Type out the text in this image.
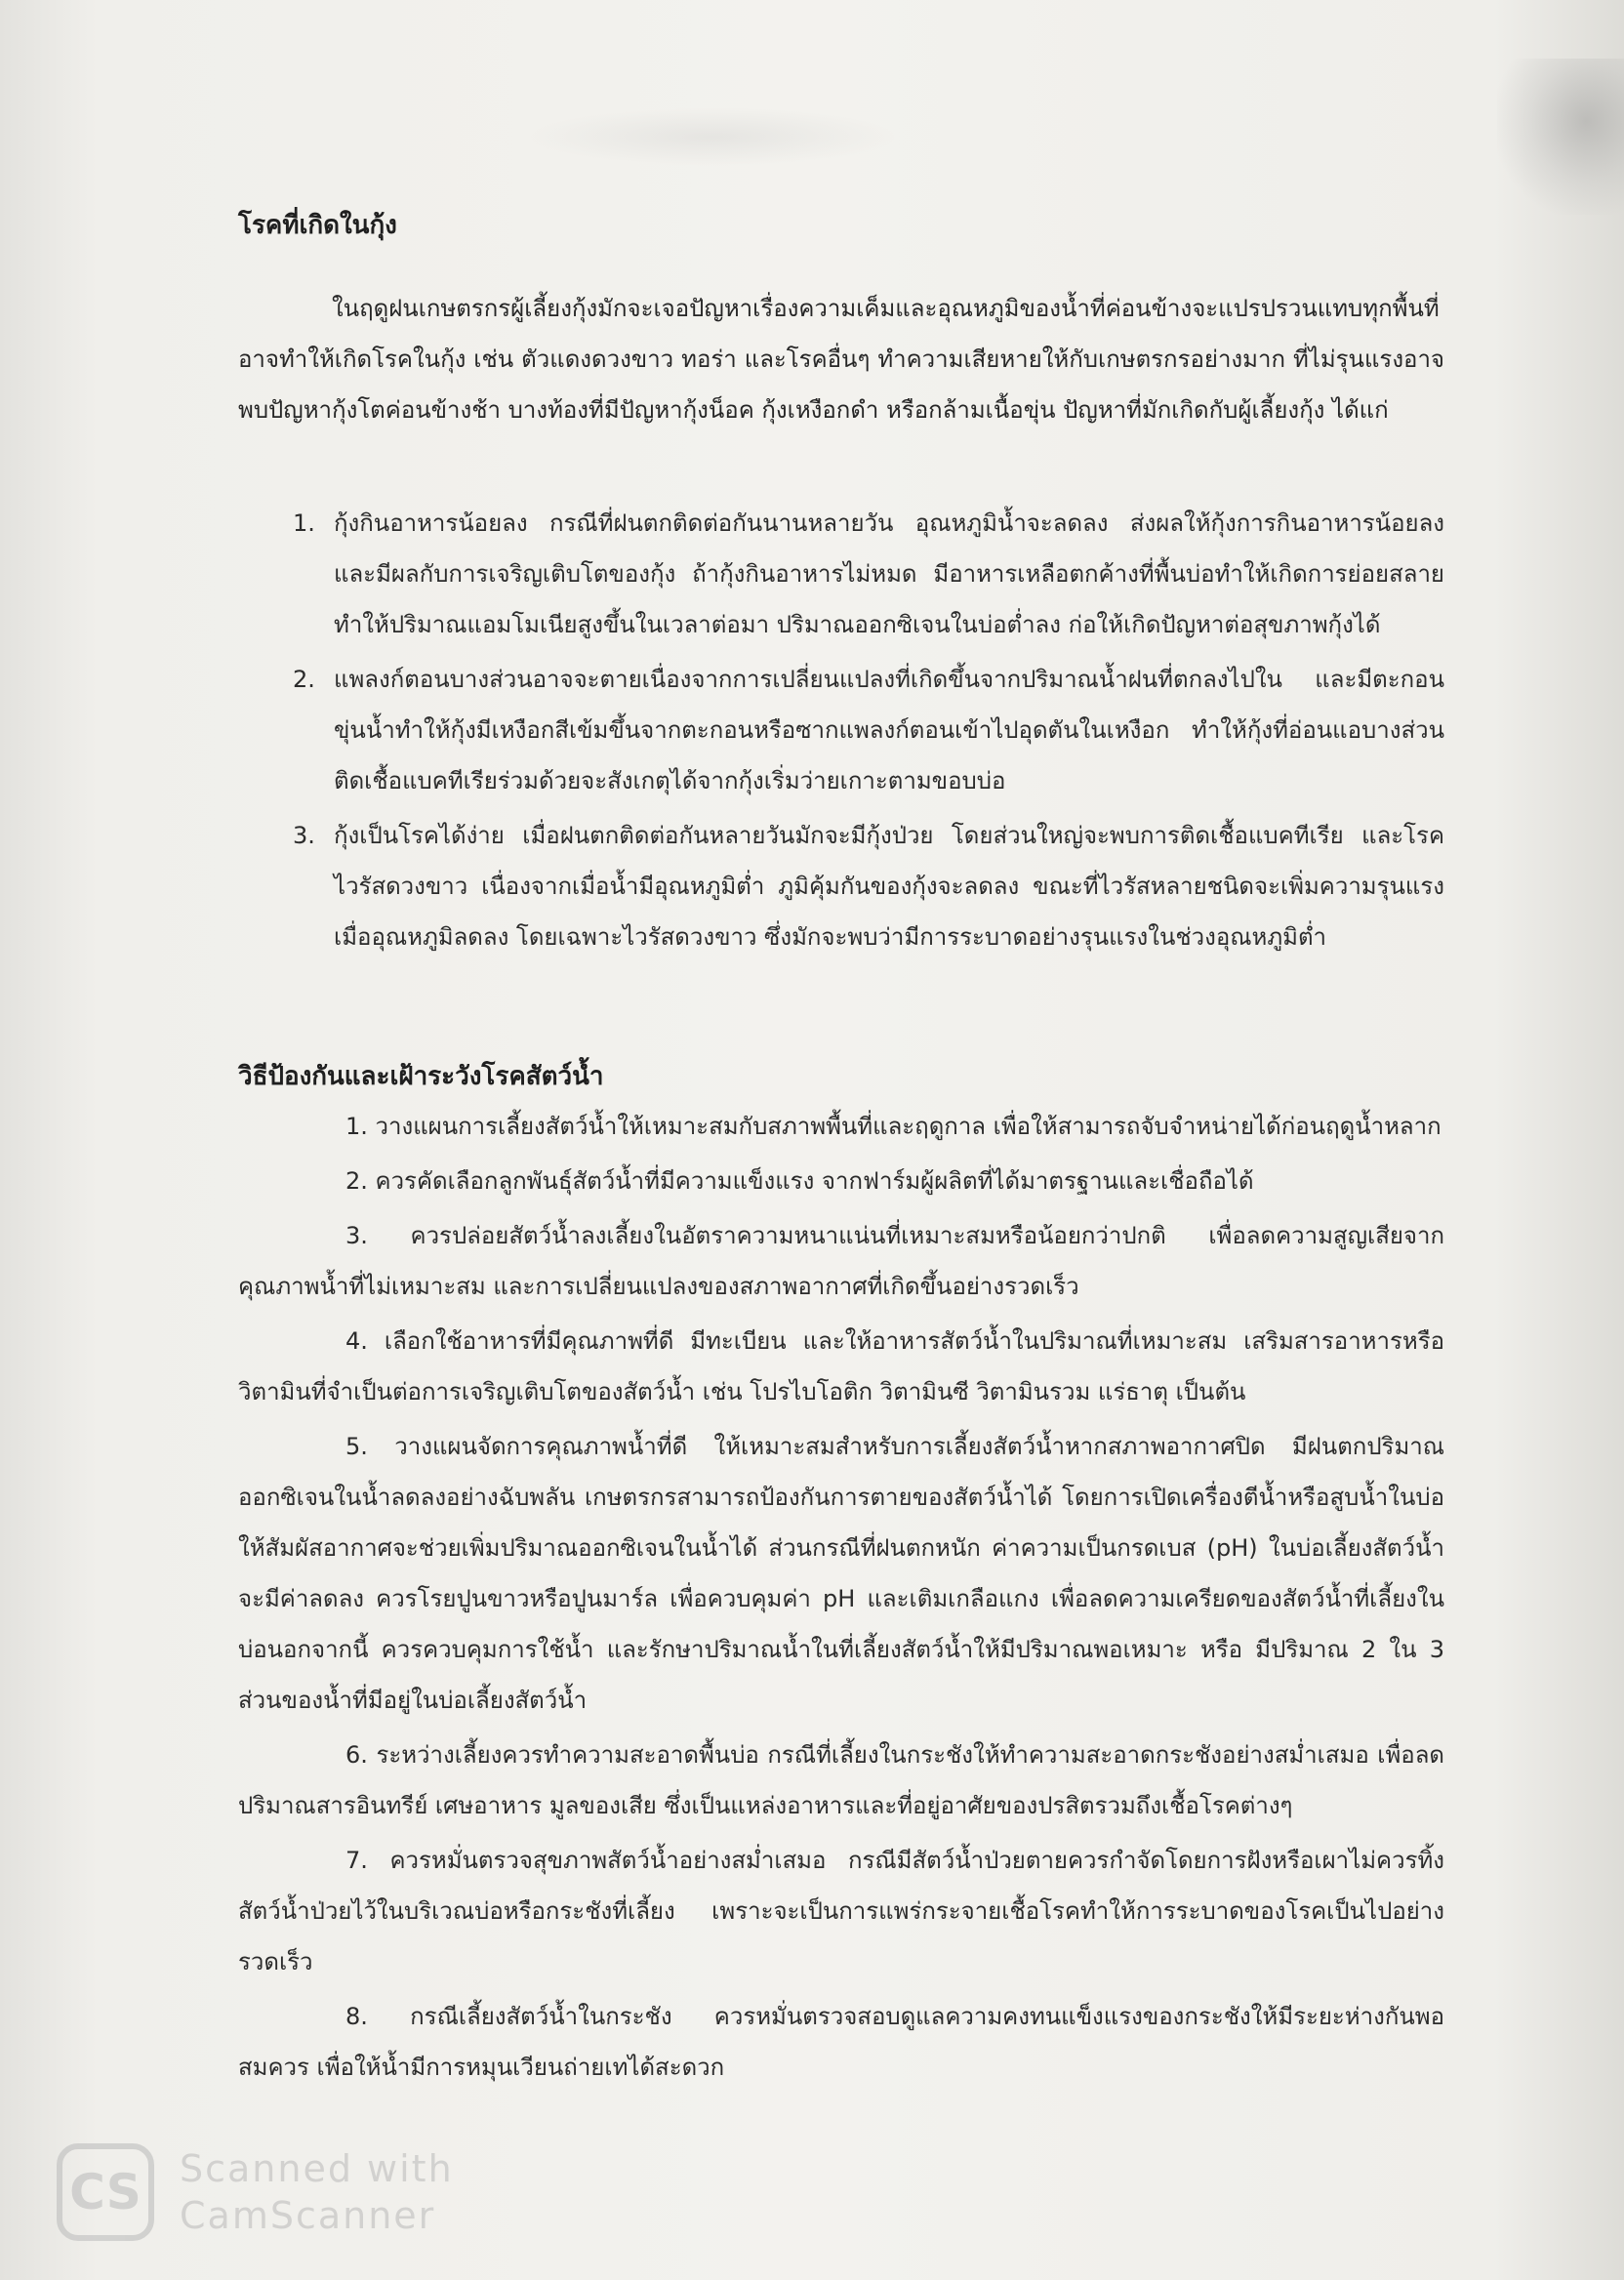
โรคที่เกิดในกุ้ง
ในฤดูฝนเกษตรกรผู้เลี้ยงกุ้งมักจะเจอปัญหาเรื่องความเค็มและอุณหภูมิของน้ำที่ค่อนข้างจะแปรปรวนแทบทุกพื้นที่ อาจทำให้เกิดโรคในกุ้ง เช่น ตัวแดงดวงขาว ทอร่า และโรคอื่นๆ ทำความเสียหายให้กับเกษตรกรอย่างมาก ที่ไม่รุนแรงอาจพบปัญหากุ้งโตค่อนข้างช้า บางท้องที่มีปัญหากุ้งน็อค กุ้งเหงือกดำ หรือกล้ามเนื้อขุ่น ปัญหาที่มักเกิดกับผู้เลี้ยงกุ้ง ได้แก่
1. กุ้งกินอาหารน้อยลง กรณีที่ฝนตกติดต่อกันนานหลายวัน อุณหภูมิน้ำจะลดลง ส่งผลให้กุ้งการกินอาหารน้อยลง และมีผลกับการเจริญเติบโตของกุ้ง ถ้ากุ้งกินอาหารไม่หมด มีอาหารเหลือตกค้างที่พื้นบ่อทำให้เกิดการย่อยสลายทำให้ปริมาณแอมโมเนียสูงขึ้นในเวลาต่อมา ปริมาณออกซิเจนในบ่อต่ำลง ก่อให้เกิดปัญหาต่อสุขภาพกุ้งได้
2. แพลงก์ตอนบางส่วนอาจจะตายเนื่องจากการเปลี่ยนแปลงที่เกิดขึ้นจากปริมาณน้ำฝนที่ตกลงไปใน และมีตะกอนขุ่นน้ำทำให้กุ้งมีเหงือกสีเข้มขึ้นจากตะกอนหรือซากแพลงก์ตอนเข้าไปอุดตันในเหงือก ทำให้กุ้งที่อ่อนแอบางส่วนติดเชื้อแบคทีเรียร่วมด้วยจะสังเกตุได้จากกุ้งเริ่มว่ายเกาะตามขอบบ่อ
3. กุ้งเป็นโรคได้ง่าย เมื่อฝนตกติดต่อกันหลายวันมักจะมีกุ้งป่วย โดยส่วนใหญ่จะพบการติดเชื้อแบคทีเรีย และโรคไวรัสดวงขาว เนื่องจากเมื่อน้ำมีอุณหภูมิต่ำ ภูมิคุ้มกันของกุ้งจะลดลง ขณะที่ไวรัสหลายชนิดจะเพิ่มความรุนแรงเมื่ออุณหภูมิลดลง โดยเฉพาะไวรัสดวงขาว ซึ่งมักจะพบว่ามีการระบาดอย่างรุนแรงในช่วงอุณหภูมิต่ำ
วิธีป้องกันและเฝ้าระวังโรคสัตว์น้ำ

1. วางแผนการเลี้ยงสัตว์น้ำให้เหมาะสมกับสภาพพื้นที่และฤดูกาล เพื่อให้สามารถจับจำหน่ายได้ก่อนฤดูน้ำหลาก

2. ควรคัดเลือกลูกพันธุ์สัตว์น้ำที่มีความแข็งแรง จากฟาร์มผู้ผลิตที่ได้มาตรฐานและเชื่อถือได้

3. ควรปล่อยสัตว์น้ำลงเลี้ยงในอัตราความหนาแน่นที่เหมาะสมหรือน้อยกว่าปกติ เพื่อลดความสูญเสียจากคุณภาพน้ำที่ไม่เหมาะสม และการเปลี่ยนแปลงของสภาพอากาศที่เกิดขึ้นอย่างรวดเร็ว

4. เลือกใช้อาหารที่มีคุณภาพที่ดี มีทะเบียน และให้อาหารสัตว์น้ำในปริมาณที่เหมาะสม เสริมสารอาหารหรือวิตามินที่จำเป็นต่อการเจริญเติบโตของสัตว์น้ำ เช่น โปรไบโอติก วิตามินซี วิตามินรวม แร่ธาตุ เป็นต้น

5. วางแผนจัดการคุณภาพน้ำที่ดี ให้เหมาะสมสำหรับการเลี้ยงสัตว์น้ำหากสภาพอากาศปิด มีฝนตกปริมาณออกซิเจนในน้ำลดลงอย่างฉับพลัน เกษตรกรสามารถป้องกันการตายของสัตว์น้ำได้ โดยการเปิดเครื่องตีน้ำหรือสูบน้ำในบ่อให้สัมผัสอากาศจะช่วยเพิ่มปริมาณออกซิเจนในน้ำได้ ส่วนกรณีที่ฝนตกหนัก ค่าความเป็นกรดเบส (pH) ในบ่อเลี้ยงสัตว์น้ำจะมีค่าลดลง ควรโรยปูนขาวหรือปูนมาร์ล เพื่อควบคุมค่า pH และเติมเกลือแกง เพื่อลดความเครียดของสัตว์น้ำที่เลี้ยงในบ่อนอกจากนี้ ควรควบคุมการใช้น้ำ และรักษาปริมาณน้ำในที่เลี้ยงสัตว์น้ำให้มีปริมาณพอเหมาะ หรือ มีปริมาณ 2 ใน 3 ส่วนของน้ำที่มีอยู่ในบ่อเลี้ยงสัตว์น้ำ

6. ระหว่างเลี้ยงควรทำความสะอาดพื้นบ่อ กรณีที่เลี้ยงในกระชังให้ทำความสะอาดกระชังอย่างสม่ำเสมอ เพื่อลดปริมาณสารอินทรีย์ เศษอาหาร มูลของเสีย ซึ่งเป็นแหล่งอาหารและที่อยู่อาศัยของปรสิตรวมถึงเชื้อโรคต่างๆ

7. ควรหมั่นตรวจสุขภาพสัตว์น้ำอย่างสม่ำเสมอ กรณีมีสัตว์น้ำป่วยตายควรกำจัดโดยการฝังหรือเผาไม่ควรทิ้งสัตว์น้ำป่วยไว้ในบริเวณบ่อหรือกระชังที่เลี้ยง เพราะจะเป็นการแพร่กระจายเชื้อโรคทำให้การระบาดของโรคเป็นไปอย่างรวดเร็ว

8. กรณีเลี้ยงสัตว์น้ำในกระชัง ควรหมั่นตรวจสอบดูแลความคงทนแข็งแรงของกระชังให้มีระยะห่างกันพอสมควร เพื่อให้น้ำมีการหมุนเวียนถ่ายเทได้สะดวก

CS	Scanned with
CamScanner
